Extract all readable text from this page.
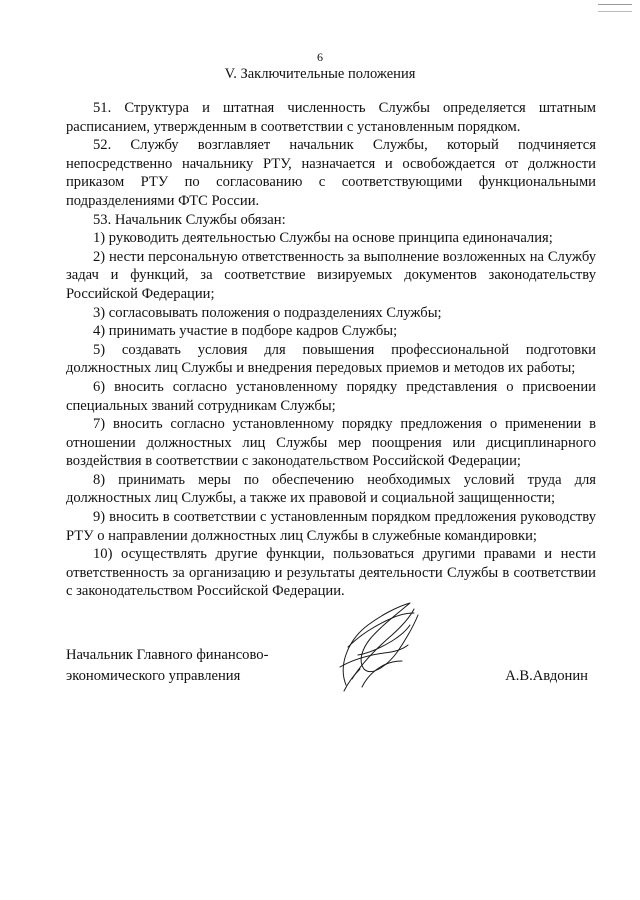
6
V. Заключительные положения

51. Структура и штатная численность Службы определяется штатным расписанием, утвержденным в соответствии с установленным порядком.

52. Службу возглавляет начальник Службы, который подчиняется непосредственно начальнику РТУ, назначается и освобождается от должности приказом РТУ по согласованию с соответствующими функциональными подразделениями ФТС России.

53. Начальник Службы обязан:

1) руководить деятельностью Службы на основе принципа единоначалия;

2) нести персональную ответственность за выполнение возложенных на Службу задач и функций, за соответствие визируемых документов законодательству Российской Федерации;

3) согласовывать положения о подразделениях Службы;

4) принимать участие в подборе кадров Службы;

5) создавать условия для повышения профессиональной подготовки должностных лиц Службы и внедрения передовых приемов и методов их работы;

6) вносить согласно установленному порядку представления о присвоении специальных званий сотрудникам Службы;

7) вносить согласно установленному порядку предложения о применении в отношении должностных лиц Службы мер поощрения или дисциплинарного воздействия в соответствии с законодательством Российской Федерации;

8) принимать меры по обеспечению необходимых условий труда для должностных лиц Службы, а также их правовой и социальной защищенности;

9) вносить в соответствии с установленным порядком предложения руководству РТУ о направлении должностных лиц Службы в служебные командировки;

10) осуществлять другие функции, пользоваться другими правами и нести ответственность за организацию и результаты деятельности Службы в соответствии с законодательством Российской Федерации.

Начальник Главного финансово-
экономического управления	А.В.Авдонин
